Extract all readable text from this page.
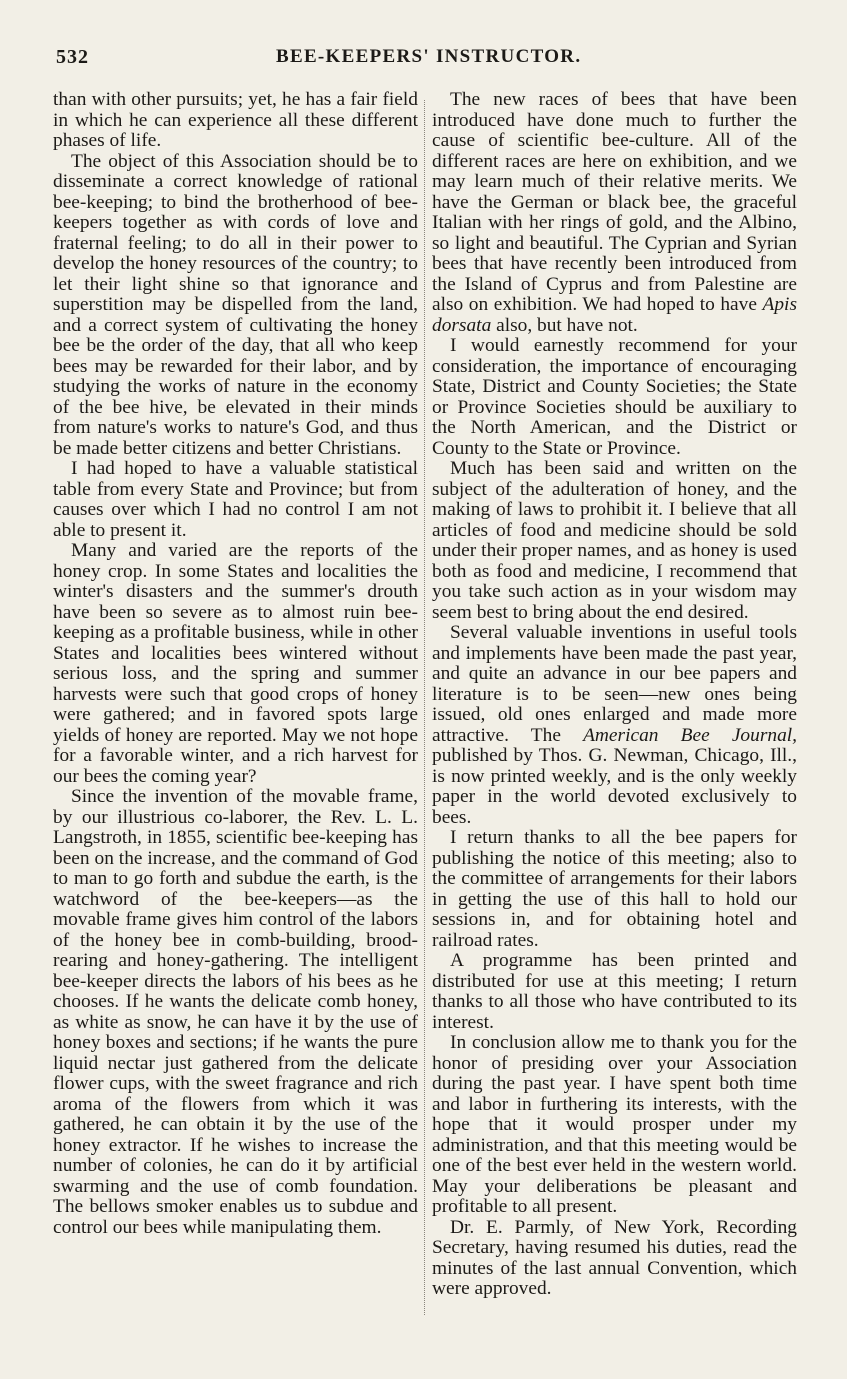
532	BEE-KEEPERS' INSTRUCTOR.

than with other pursuits; yet, he has a fair field in which he can experience all these different phases of life.

The object of this Association should be to disseminate a correct knowledge of rational bee-keeping; to bind the brotherhood of bee-keepers together as with cords of love and fraternal feeling; to do all in their power to develop the honey resources of the country; to let their light shine so that ignorance and superstition may be dispelled from the land, and a correct system of cultivating the honey bee be the order of the day, that all who keep bees may be rewarded for their labor, and by studying the works of nature in the economy of the bee hive, be elevated in their minds from nature's works to nature's God, and thus be made better citizens and better Christians.

I had hoped to have a valuable statistical table from every State and Province; but from causes over which I had no control I am not able to present it.

Many and varied are the reports of the honey crop. In some States and localities the winter's disasters and the summer's drouth have been so severe as to almost ruin bee-keeping as a profitable business, while in other States and localities bees wintered without serious loss, and the spring and summer harvests were such that good crops of honey were gathered; and in favored spots large yields of honey are reported. May we not hope for a favorable winter, and a rich harvest for our bees the coming year?

Since the invention of the movable frame, by our illustrious co-laborer, the Rev. L. L. Langstroth, in 1855, scientific bee-keeping has been on the increase, and the command of God to man to go forth and subdue the earth, is the watchword of the bee-keepers—as the movable frame gives him control of the labors of the honey bee in comb-building, brood-rearing and honey-gathering. The intelligent bee-keeper directs the labors of his bees as he chooses. If he wants the delicate comb honey, as white as snow, he can have it by the use of honey boxes and sections; if he wants the pure liquid nectar just gathered from the delicate flower cups, with the sweet fragrance and rich aroma of the flowers from which it was gathered, he can obtain it by the use of the honey extractor. If he wishes to increase the number of colonies, he can do it by artificial swarming and the use of comb foundation. The bellows smoker enables us to subdue and control our bees while manipulating them.

The new races of bees that have been introduced have done much to further the cause of scientific bee-culture. All of the different races are here on exhibition, and we may learn much of their relative merits. We have the German or black bee, the graceful Italian with her rings of gold, and the Albino, so light and beautiful. The Cyprian and Syrian bees that have recently been introduced from the Island of Cyprus and from Palestine are also on exhibition. We had hoped to have Apis dorsata also, but have not.

I would earnestly recommend for your consideration, the importance of encouraging State, District and County Societies; the State or Province Societies should be auxiliary to the North American, and the District or County to the State or Province.

Much has been said and written on the subject of the adulteration of honey, and the making of laws to prohibit it. I believe that all articles of food and medicine should be sold under their proper names, and as honey is used both as food and medicine, I recommend that you take such action as in your wisdom may seem best to bring about the end desired.

Several valuable inventions in useful tools and implements have been made the past year, and quite an advance in our bee papers and literature is to be seen—new ones being issued, old ones enlarged and made more attractive. The American Bee Journal, published by Thos. G. Newman, Chicago, Ill., is now printed weekly, and is the only weekly paper in the world devoted exclusively to bees.

I return thanks to all the bee papers for publishing the notice of this meeting; also to the committee of arrangements for their labors in getting the use of this hall to hold our sessions in, and for obtaining hotel and railroad rates.

A programme has been printed and distributed for use at this meeting; I return thanks to all those who have contributed to its interest.

In conclusion allow me to thank you for the honor of presiding over your Association during the past year. I have spent both time and labor in furthering its interests, with the hope that it would prosper under my administration, and that this meeting would be one of the best ever held in the western world. May your deliberations be pleasant and profitable to all present.

Dr. E. Parmly, of New York, Recording Secretary, having resumed his duties, read the minutes of the last annual Convention, which were approved.
